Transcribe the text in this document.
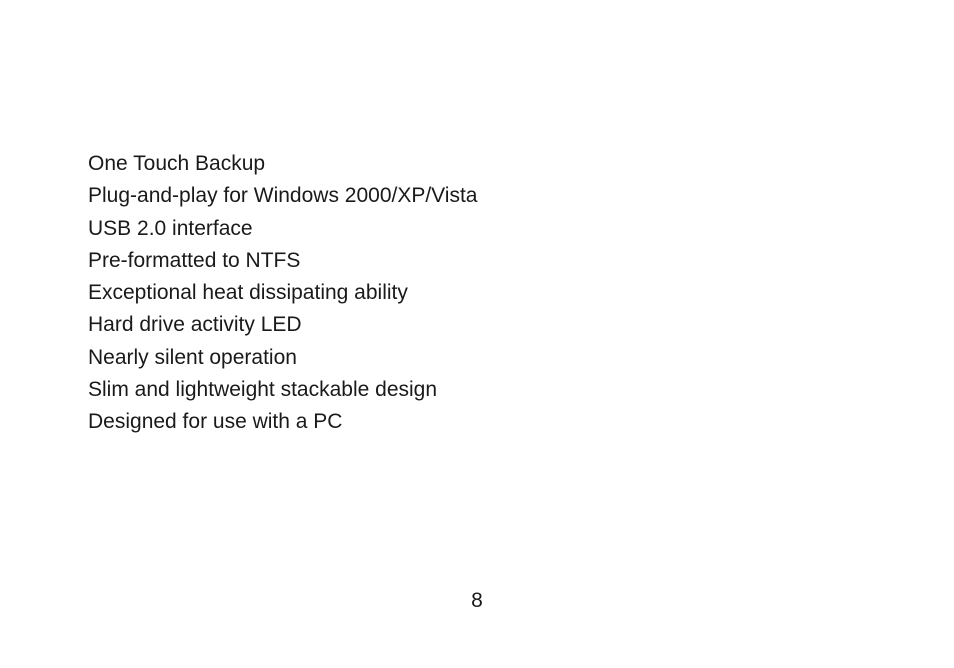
One Touch Backup
Plug-and-play for Windows 2000/XP/Vista
USB 2.0 interface
Pre-formatted to NTFS
Exceptional heat dissipating ability
Hard drive activity LED
Nearly silent operation
Slim and lightweight stackable design
Designed for use with a PC
8
